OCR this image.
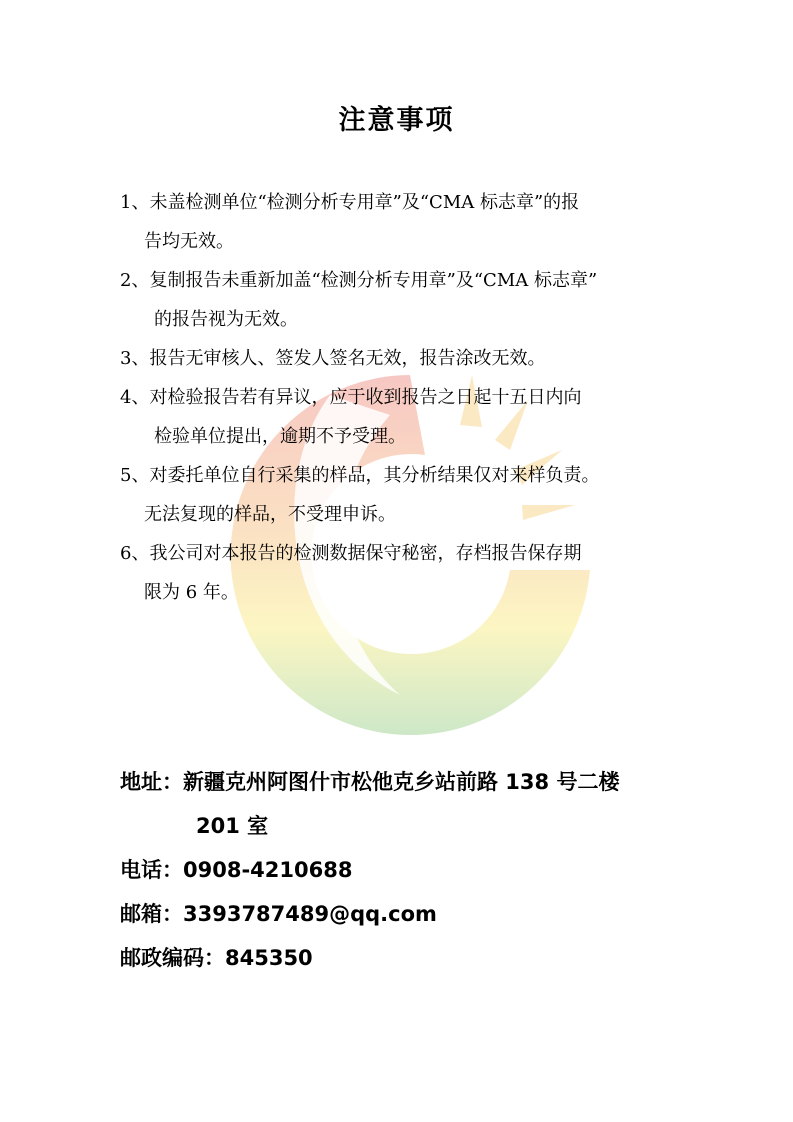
注意事项
1、未盖检测单位“检测分析专用章”及“CMA 标志章”的报
告均无效。
2、复制报告未重新加盖“检测分析专用章”及“CMA 标志章”
的报告视为无效。
3、报告无审核人、签发人签名无效，报告涂改无效。
4、对检验报告若有异议，应于收到报告之日起十五日内向
检验单位提出，逾期不予受理。
5、对委托单位自行采集的样品，其分析结果仅对来样负责。
无法复现的样品，不受理申诉。
6、我公司对本报告的检测数据保守秘密，存档报告保存期
限为 6 年。
地址：新疆克州阿图什市松他克乡站前路 138 号二楼
201 室
电话：0908-4210688
邮箱：3393787489@qq.com
邮政编码：845350
